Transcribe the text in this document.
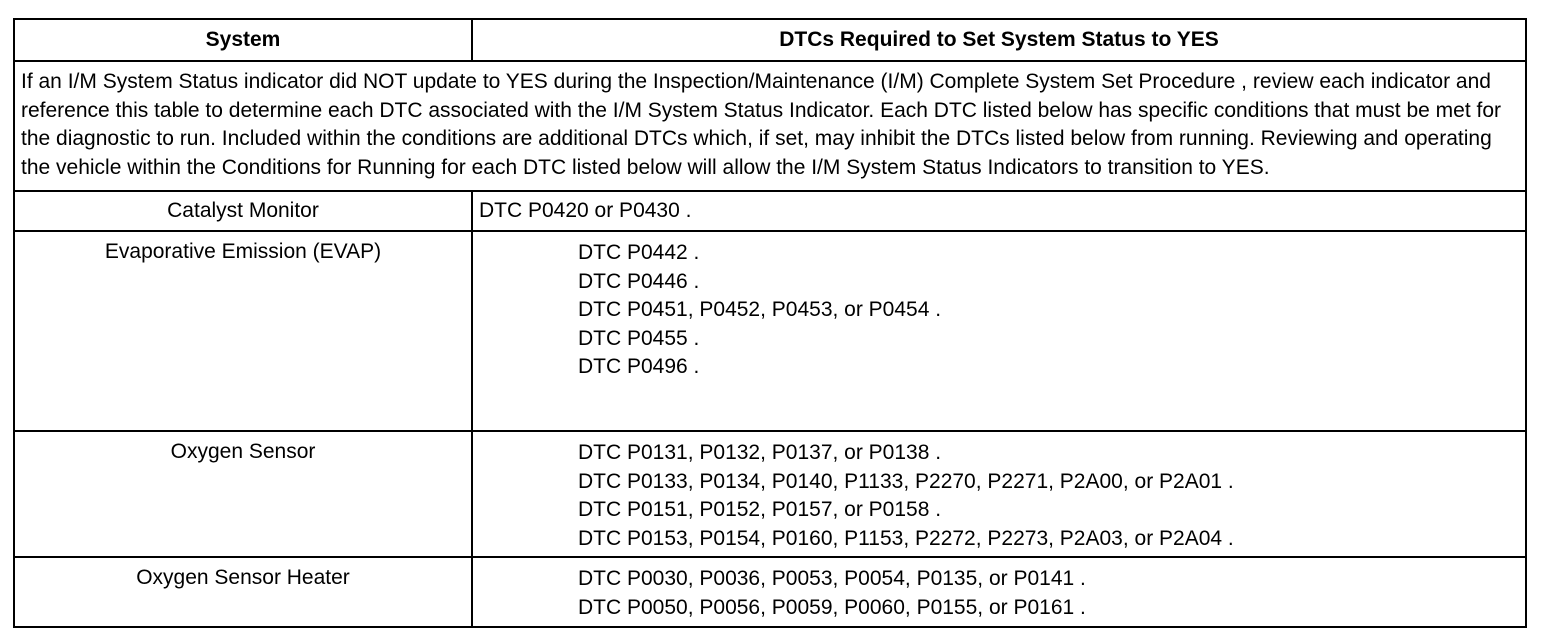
System	DTCs Required to Set System Status to YES
If an I/M System Status indicator did NOT update to YES during the Inspection/Maintenance (I/M) Complete System Set Procedure , review each indicator and reference this table to determine each DTC associated with the I/M System Status Indicator. Each DTC listed below has specific conditions that must be met for the diagnostic to run. Included within the conditions are additional DTCs which, if set, may inhibit the DTCs listed below from running. Reviewing and operating the vehicle within the Conditions for Running for each DTC listed below will allow the I/M System Status Indicators to transition to YES.
Catalyst Monitor	DTC P0420 or P0430 .
Evaporative Emission (EVAP)	DTC P0442 .
DTC P0446 .
DTC P0451, P0452, P0453, or P0454 .
DTC P0455 .
DTC P0496 .
Oxygen Sensor	DTC P0131, P0132, P0137, or P0138 .
DTC P0133, P0134, P0140, P1133, P2270, P2271, P2A00, or P2A01 .
DTC P0151, P0152, P0157, or P0158 .
DTC P0153, P0154, P0160, P1153, P2272, P2273, P2A03, or P2A04 .
Oxygen Sensor Heater	DTC P0030, P0036, P0053, P0054, P0135, or P0141 .
DTC P0050, P0056, P0059, P0060, P0155, or P0161 .
